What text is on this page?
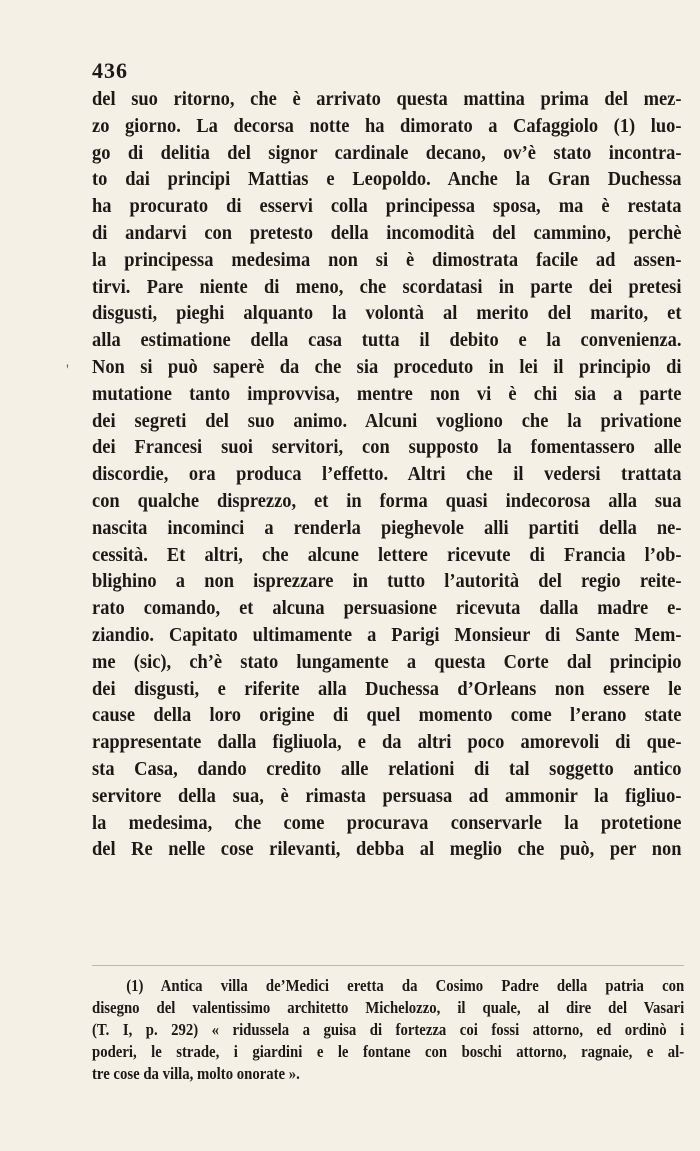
436
'
del suo ritorno, che è arrivato questa mattina prima del mez-
zo giorno. La decorsa notte ha dimorato a Cafaggiolo (1) luo-
go di delitia del signor cardinale decano, ov’è stato incontra-
to dai principi Mattias e Leopoldo. Anche la Gran Duchessa
ha procurato di esservi colla principessa sposa, ma è restata
di andarvi con pretesto della incomodità del cammino, perchè
la principessa medesima non si è dimostrata facile ad assen-
tirvi. Pare niente di meno, che scordatasi in parte dei pretesi
disgusti, pieghi alquanto la volontà al merito del marito, et
alla estimatione della casa tutta il debito e la convenienza.
Non si può saperè da che sia proceduto in lei il principio di
mutatione tanto improvvisa, mentre non vi è chi sia a parte
dei segreti del suo animo. Alcuni vogliono che la privatione
dei Francesi suoi servitori, con supposto la fomentassero alle
discordie, ora produca l’effetto. Altri che il vedersi trattata
con qualche disprezzo, et in forma quasi indecorosa alla sua
nascita incominci a renderla pieghevole alli partiti della ne-
cessità. Et altri, che alcune lettere ricevute di Francia l’ob-
blighino a non isprezzare in tutto l’autorità del regio reite-
rato comando, et alcuna persuasione ricevuta dalla madre e-
ziandio. Capitato ultimamente a Parigi Monsieur di Sante Mem-
me (sic), ch’è stato lungamente a questa Corte dal principio
dei disgusti, e riferite alla Duchessa d’Orleans non essere le
cause della loro origine di quel momento come l’erano state
rappresentate dalla figliuola, e da altri poco amorevoli di que-
sta Casa, dando credito alle relationi di tal soggetto antico
servitore della sua, è rimasta persuasa ad ammonir la figliuo-
la medesima, che come procurava conservarle la protetione
del Re nelle cose rilevanti, debba al meglio che può, per non
(1) Antica villa de’Medici eretta da Cosimo Padre della patria con
disegno del valentissimo architetto Michelozzo, il quale, al dire del Vasari
(T. I, p. 292) « ridussela a guisa di fortezza coi fossi attorno, ed ordinò i
poderi, le strade, i giardini e le fontane con boschi attorno, ragnaie, e al-
tre cose da villa, molto onorate ».
